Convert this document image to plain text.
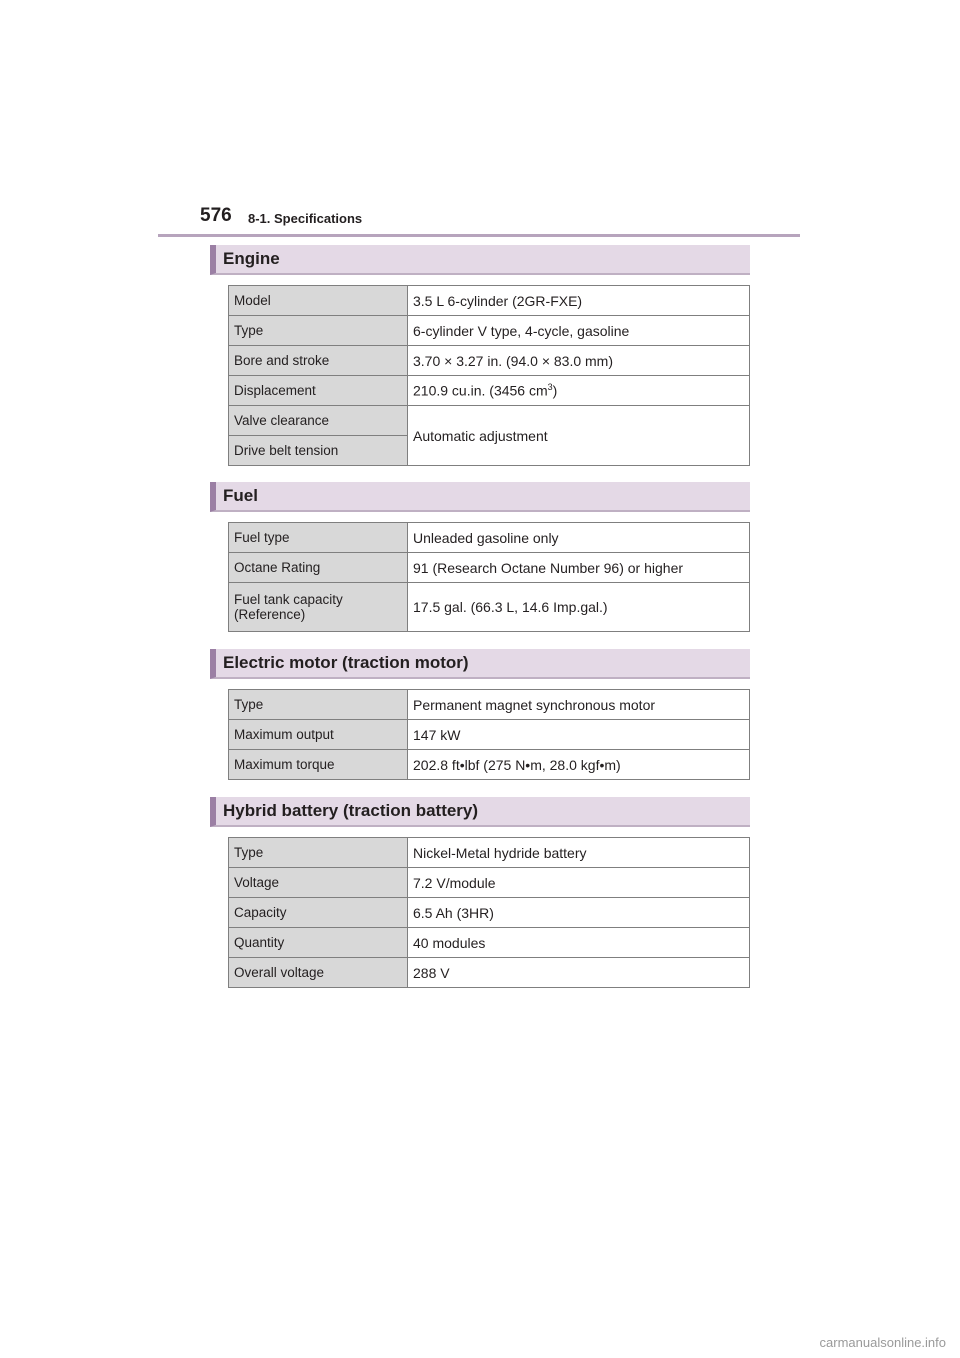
576 8-1. Specifications
Engine
Model	3.5 L 6-cylinder (2GR-FXE)
Type	6-cylinder V type, 4-cycle, gasoline
Bore and stroke	3.70 × 3.27 in. (94.0 × 83.0 mm)
Displacement	210.9 cu.in. (3456 $cm^3$)
Valve clearance	Automatic adjustment
Drive belt tension	
Fuel
Fuel type	Unleaded gasoline only
Octane Rating	91 (Research Octane Number 96) or higher
Fuel tank capacity
(Reference)	17.5 gal. (66.3 L, 14.6 Imp.gal.)
Electric motor (traction motor)
Type	Permanent magnet synchronous motor
Maximum output	147 kW
Maximum torque	202.8 ft•lbf (275 N•m, 28.0 kgf•m)
Hybrid battery (traction battery)
Type	Nickel-Metal hydride battery
Voltage	7.2 V/module
Capacity	6.5 Ah (3HR)
Quantity	40 modules
Overall voltage	288 V
carmanualsonline.info
